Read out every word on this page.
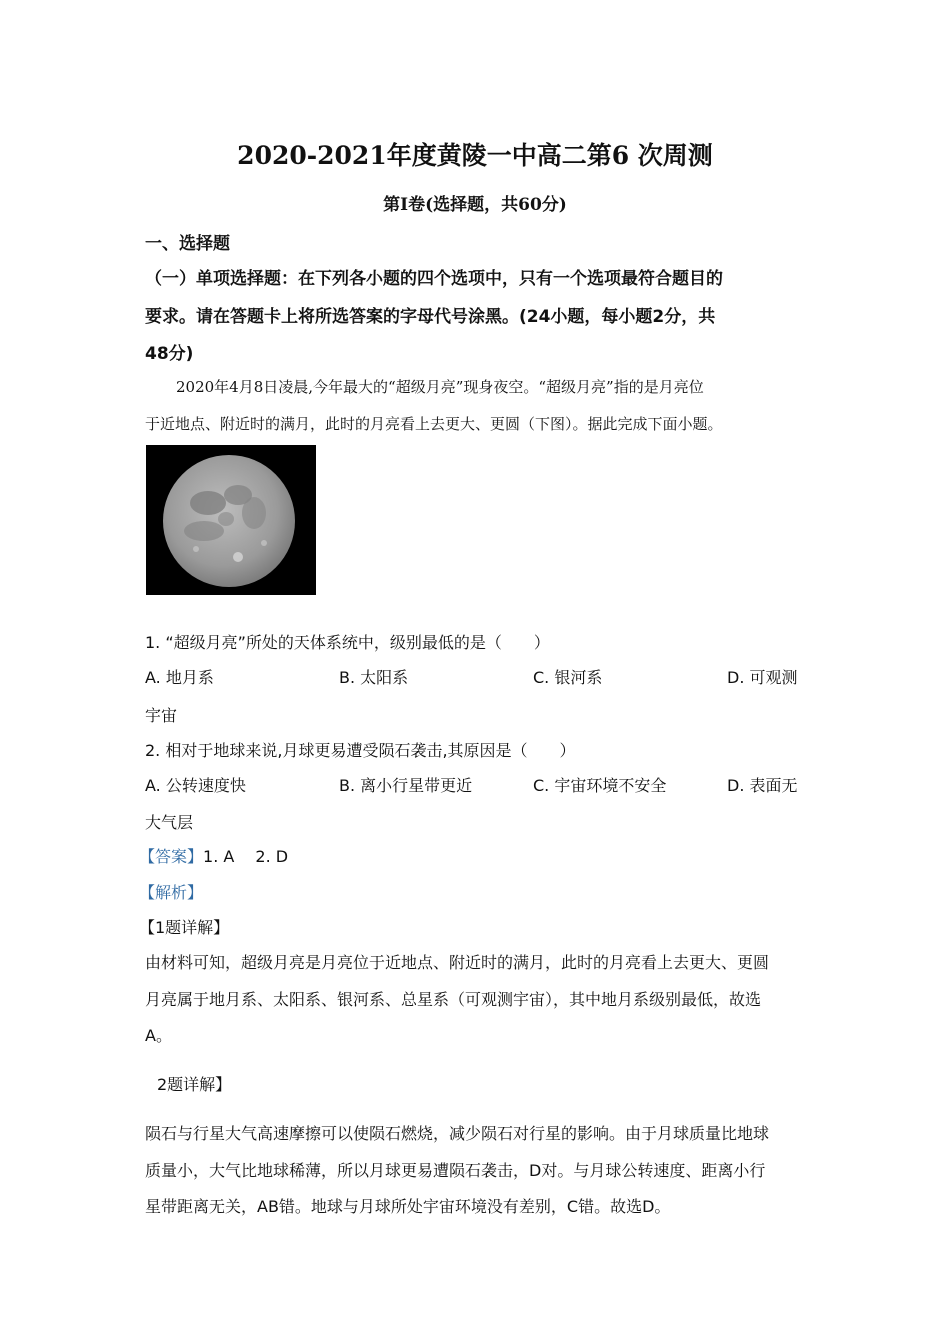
2020-2021年度黄陵一中高二第6 次周测
第Ⅰ卷(选择题，共60分)
一、选择题
（一）单项选择题：在下列各小题的四个选项中，只有一个选项最符合题目的
要求。请在答题卡上将所选答案的字母代号涂黑。(24小题，每小题2分，共
48分)
2020年4月8日凌晨,今年最大的“超级月亮”现身夜空。“超级月亮”指的是月亮位
于近地点、附近时的满月，此时的月亮看上去更大、更圆（下图）。据此完成下面小题。
1. “超级月亮”所处的天体系统中，级别最低的是（　　）
A. 地月系	B. 太阳系	C. 银河系	D. 可观测
宇宙
2. 相对于地球来说,月球更易遭受陨石袭击,其原因是（　　）
A. 公转速度快	B. 离小行星带更近	C. 宇宙环境不安全	D. 表面无
大气层
【答案】1. A　 2. D
【解析】
【1题详解】
由材料可知，超级月亮是月亮位于近地点、附近时的满月，此时的月亮看上去更大、更圆
月亮属于地月系、太阳系、银河系、总星系（可观测宇宙），其中地月系级别最低，故选
A。
2题详解】
陨石与行星大气高速摩擦可以使陨石燃烧，减少陨石对行星的影响。由于月球质量比地球
质量小，大气比地球稀薄，所以月球更易遭陨石袭击，D对。与月球公转速度、距离小行
星带距离无关，AB错。地球与月球所处宇宙环境没有差别，C错。故选D。
